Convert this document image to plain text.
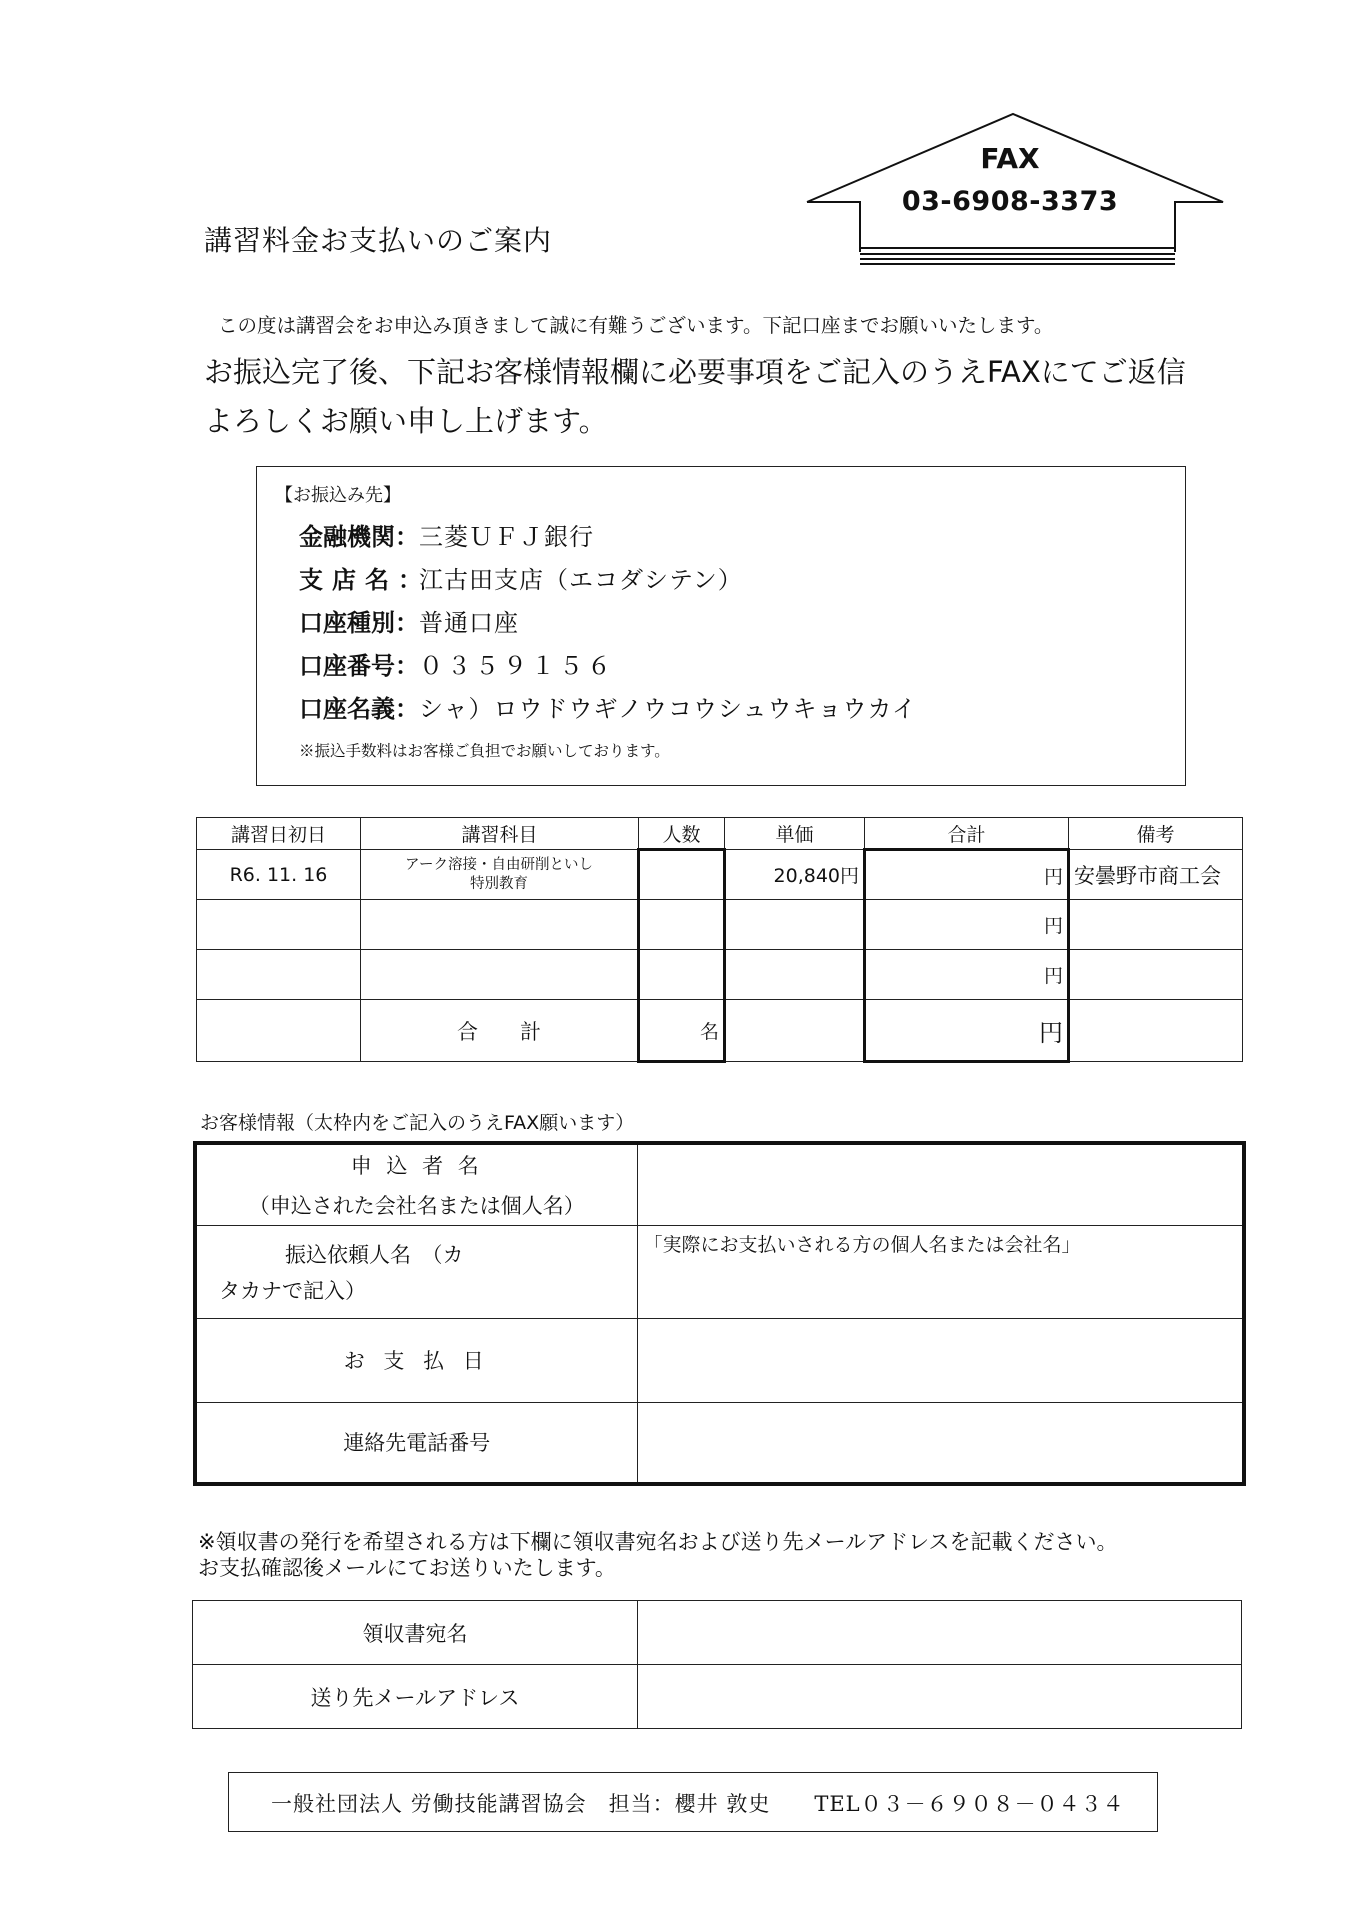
FAX
03-6908-3373
講習料金お支払いのご案内
この度は講習会をお申込み頂きまして誠に有難うございます。下記口座までお願いいたします。
お振込完了後、下記お客様情報欄に必要事項をご記入のうえFAXにてご返信
よろしくお願い申し上げます。
【お振込み先】
金融機関：三菱ＵＦＪ銀行
支店名：江古田支店（エコダシテン）
口座種別：普通口座
口座番号：０３５９１５６
口座名義：シャ）ロウドウギノウコウシュウキョウカイ
※振込手数料はお客様ご負担でお願いしております。
講習日初日	講習科目	人数	単価	合計	備考
R6. 11. 16	アーク溶接・自由研削といし
特別教育		20,840円	円	安曇野市商工会
				円	
				円	
	合　　計	名		円	
お客様情報（太枠内をご記入のうえFAX願います）
申 込 者 名
（申込された会社名または個人名）	

振込依頼人名　（カ
タカナで記入）	「実際にお支払いされる方の個人名または会社名」
お 支 払 日	
連絡先電話番号	
※領収書の発行を希望される方は下欄に領収書宛名および送り先メールアドレスを記載ください。
お支払確認後メールにてお送りいたします。
領収書宛名	
送り先メールアドレス	
一般社団法人 労働技能講習協会　担当：櫻井 敦史　　TEL０３－６９０８－０４３４
